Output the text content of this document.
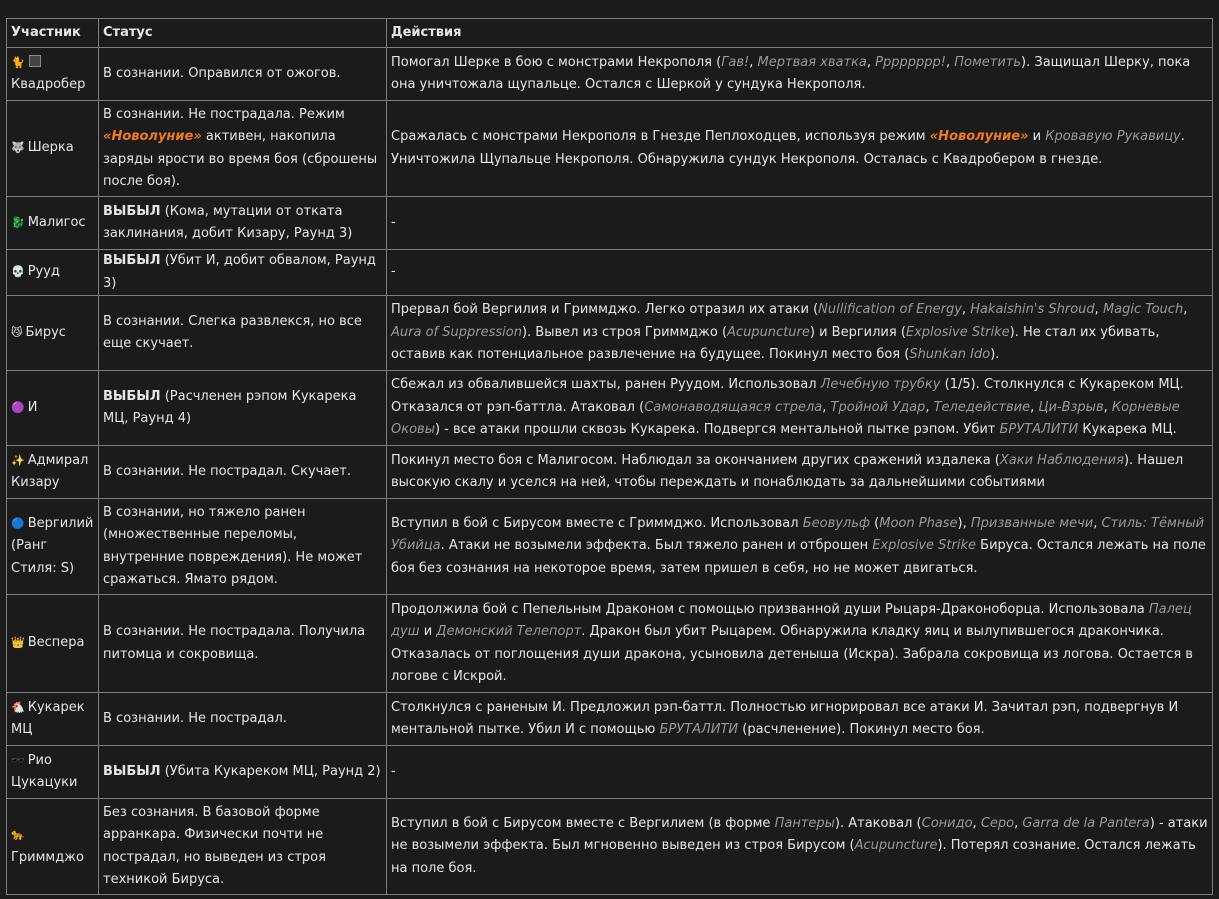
Участник	Статус	Действия
🐈Квадробер	В сознании. Оправился от ожогов.	Помогал Шерке в бою с монстрами Некрополя (Гав!, Мертвая хватка, Рррррррр!, Пометить). Защищал Шерку, пока она уничтожала щупальце. Остался с Шеркой у сундука Некрополя.
🐺 Шерка	В сознании. Не пострадала. Режим «Новолуние» активен, накопила заряды ярости во время боя (сброшены после боя).	Сражалась с монстрами Некрополя в Гнезде Пеплоходцев, используя режим «Новолуние» и Кровавую Рукавицу. Уничтожила Щупальце Некрополя. Обнаружила сундук Некрополя. Осталась с Квадробером в гнезде.
🐉 Малигос	ВЫБЫЛ (Кома, мутации от отката заклинания, добит Кизару, Раунд 3)	-
💀 Рууд	ВЫБЫЛ (Убит И, добит обвалом, Раунд 3)	-
😼 Бирус	В сознании. Слегка развлекся, но все еще скучает.	Прервал бой Вергилия и Гриммджо. Легко отразил их атаки (Nullification of Energy, Hakaishin's Shroud, Magic Touch, Aura of Suppression). Вывел из строя Гриммджо (Acupuncture) и Вергилия (Explosive Strike). Не стал их убивать, оставив как потенциальное развлечение на будущее. Покинул место боя (Shunkan Ido).
🟣 И	ВЫБЫЛ (Расчленен рэпом Кукарека МЦ, Раунд 4)	Сбежал из обвалившейся шахты, ранен Руудом. Использовал Лечебную трубку (1/5). Столкнулся с Кукареком МЦ. Отказался от рэп-баттла. Атаковал (Самонаводящаяся стрела, Тройной Удар, Теледействие, Ци-Взрыв, Корневые Оковы) - все атаки прошли сквозь Кукарека. Подвергся ментальной пытке рэпом. Убит БРУТАЛИТИ Кукарека МЦ.
✨ Адмирал Кизару	В сознании. Не пострадал. Скучает.	Покинул место боя с Малигосом. Наблюдал за окончанием других сражений издалека (Хаки Наблюдения). Нашел высокую скалу и уселся на ней, чтобы переждать и понаблюдать за дальнейшими событиями
🔵 Вергилий (Ранг Стиля: S)	В сознании, но тяжело ранен (множественные переломы, внутренние повреждения). Не может сражаться. Ямато рядом.	Вступил в бой с Бирусом вместе с Гриммджо. Использовал Беовульф (Moon Phase), Призванные мечи, Стиль: Тёмный Убийца. Атаки не возымели эффекта. Был тяжело ранен и отброшен Explosive Strike Бируса. Остался лежать на поле боя без сознания на некоторое время, затем пришел в себя, но не может двигаться.
👑 Веспера	В сознании. Не пострадала. Получила питомца и сокровища.	Продолжила бой с Пепельным Драконом с помощью призванной души Рыцаря-Драконоборца. Использовала Палец душ и Демонский Телепорт. Дракон был убит Рыцарем. Обнаружила кладку яиц и вылупившегося дракончика. Отказалась от поглощения души дракона, усыновила детеныша (Искра). Забрала сокровища из логова. Остается в логове с Искрой.
🐔 Кукарек МЦ	В сознании. Не пострадал.	Столкнулся с раненым И. Предложил рэп-баттл. Полностью игнорировал все атаки И. Зачитал рэп, подвергнув И ментальной пытке. Убил И с помощью БРУТАЛИТИ (расчленение). Покинул место боя.
🕶️ Рио Цукацуки	ВЫБЫЛ (Убита Кукареком МЦ, Раунд 2)	-
🐆Гриммджо	Без сознания. В базовой форме арранкара. Физически почти не пострадал, но выведен из строя техникой Бируса.	Вступил в бой с Бирусом вместе с Вергилием (в форме Пантеры). Атаковал (Сонидо, Серо, Garra de la Pantera) - атаки не возымели эффекта. Был мгновенно выведен из строя Бирусом (Acupuncture). Потерял сознание. Остался лежать на поле боя.
